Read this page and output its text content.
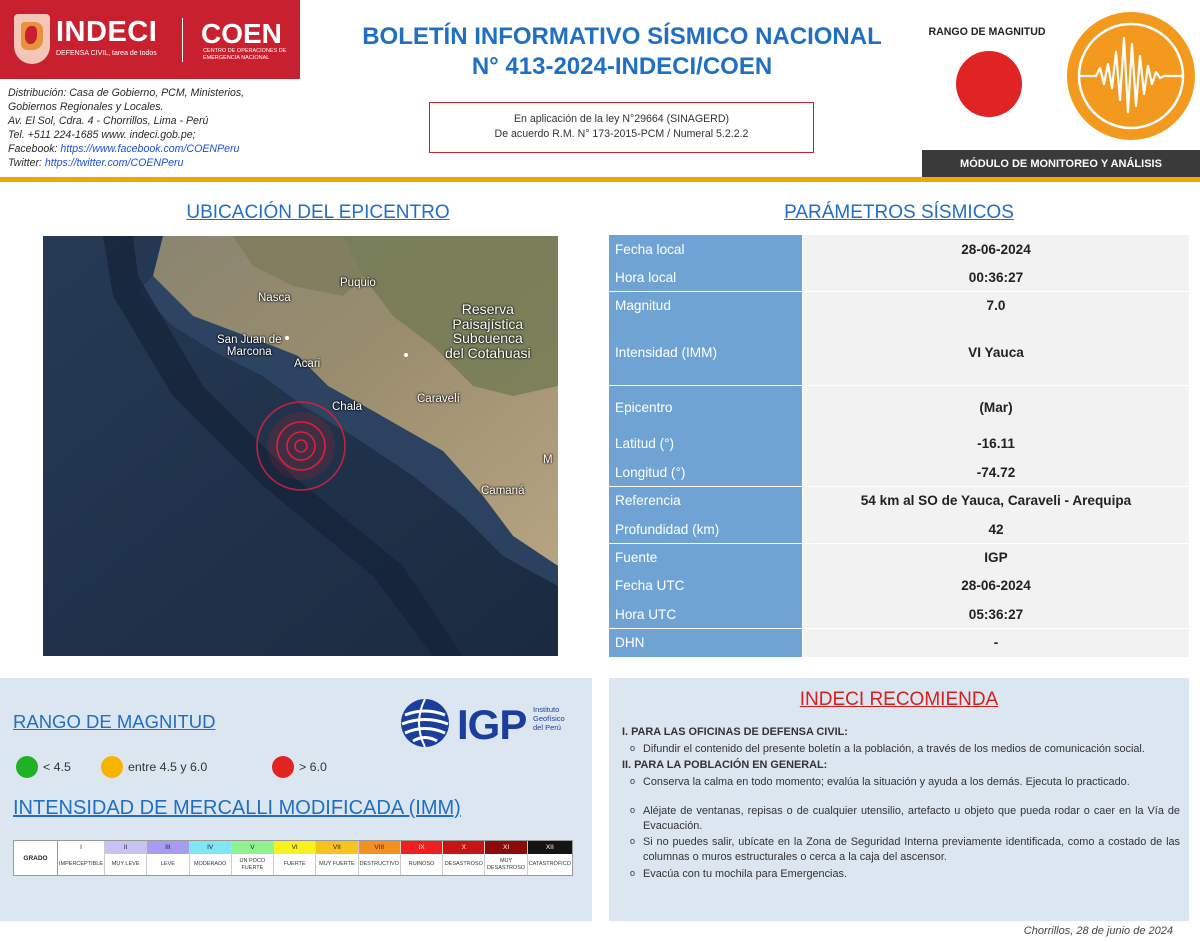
INDECI
DEFENSA CIVIL, tarea de todos
COEN
CENTRO DE OPERACIONES DE EMERGENCIA NACIONAL
Distribución: Casa de Gobierno, PCM, Ministerios,
Gobiernos Regionales y Locales.
Av. El Sol, Cdra. 4 - Chorrillos, Lima - Perú
Tel. +511 224-1685 www. indeci.gob.pe;
Facebook: https://www.facebook.com/COENPeru
Twitter: https://twitter.com/COENPeru
BOLETÍN INFORMATIVO SÍSMICO NACIONAL
N° 413-2024-INDECI/COEN
En aplicación de la ley N°29664 (SINAGERD)
De acuerdo R.M. N° 173-2015-PCM / Numeral 5.2.2.2
RANGO DE MAGNITUD
MÓDULO DE MONITOREO Y ANÁLISIS
UBICACIÓN DEL EPICENTRO
Puquio
Nasca
Reserva
Paisajística
Subcuenca
del Cotahuasi
San Juan de
Marcona
Acari
Caravelí
Chala
Camaná
M
PARÁMETROS SÍSMICOS
Fecha local	28-06-2024
Hora local	00:36:27
Magnitud	7.0
Intensidad (IMM)	VI Yauca
Epicentro	(Mar)
Latitud (°)	-16.11
Longitud (°)	-74.72
Referencia	54 km al SO de Yauca, Caraveli - Arequipa
Profundidad (km)	42
Fuente	IGP
Fecha UTC	28-06-2024
Hora UTC	05:36:27
DHN	-
RANGO DE MAGNITUD
< 4.5	entre 4.5 y 6.0	> 6.0
IGP Instituto
Geofísico
del Perú
INTENSIDAD DE MERCALLI MODIFICADA (IMM)
GRADO
I
IMPERCEPTIBLE
II
MUY LEVE
III
LEVE
IV
MODERADO
V
UN POCO FUERTE
VI
FUERTE
VII
MUY FUERTE
VIII
DESTRUCTIVO
IX
RUINOSO
X
DESASTROSO
XI
MUY DESASTROSO
XII
CATASTRÓFICO
INDECI RECOMIENDA
I. PARA LAS OFICINAS DE DEFENSA CIVIL:
o Difundir el contenido del presente boletín a la población, a través de los medios de comunicación social.
II. PARA LA POBLACIÓN EN GENERAL:
o Conserva la calma en todo momento; evalúa la situación y ayuda a los demás. Ejecuta lo practicado.
o Aléjate de ventanas, repisas o de cualquier utensilio, artefacto u objeto que pueda rodar o caer en la Vía de Evacuación.
o Si no puedes salir, ubícate en la Zona de Seguridad Interna previamente identificada, como a costado de las columnas o muros estructurales o cerca a la caja del ascensor.
o Evacúa con tu mochila para Emergencias.
Chorrillos, 28 de junio de 2024
